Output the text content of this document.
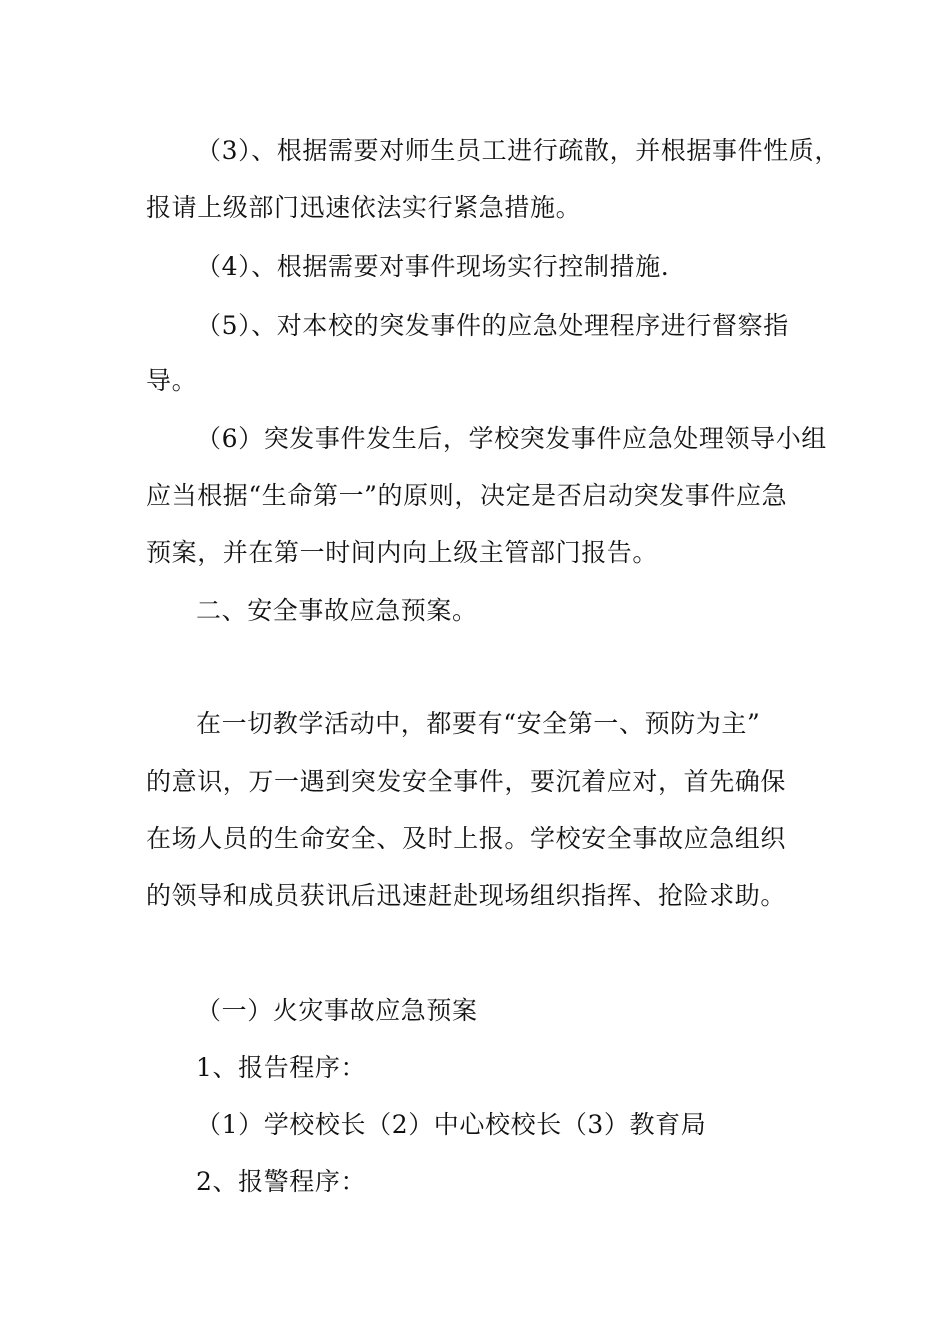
（3）、根据需要对师生员工进行疏散，并根据事件性质，
报请上级部门迅速依法实行紧急措施。
（4）、根据需要对事件现场实行控制措施.
（5）、对本校的突发事件的应急处理程序进行督察指
导。
（6）突发事件发生后，学校突发事件应急处理领导小组
应当根据“生命第一”的原则，决定是否启动突发事件应急
预案，并在第一时间内向上级主管部门报告。
二、安全事故应急预案。
在一切教学活动中，都要有“安全第一、预防为主”
的意识，万一遇到突发安全事件，要沉着应对，首先确保
在场人员的生命安全、及时上报。学校安全事故应急组织
的领导和成员获讯后迅速赶赴现场组织指挥、抢险求助。
（一）火灾事故应急预案
1、报告程序：
（1）学校校长（2）中心校校长（3）教育局
2、报警程序：
